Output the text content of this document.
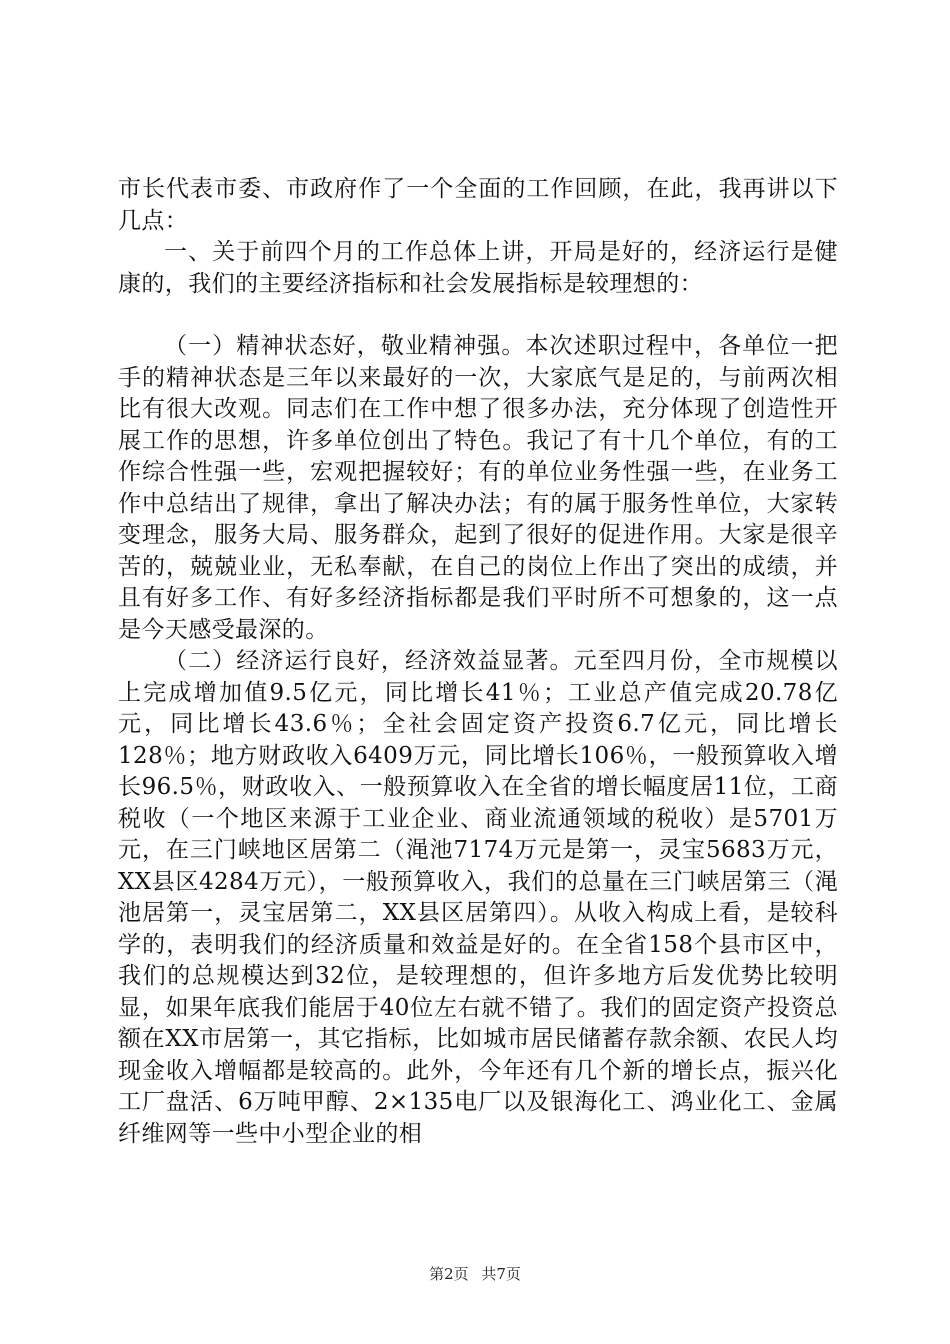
市长代表市委、市政府作了一个全面的工作回顾，在此，我再讲以下几点：

一、关于前四个月的工作总体上讲，开局是好的，经济运行是健康的，我们的主要经济指标和社会发展指标是较理想的：

（一）精神状态好，敬业精神强。本次述职过程中，各单位一把手的精神状态是三年以来最好的一次，大家底气是足的，与前两次相比有很大改观。同志们在工作中想了很多办法，充分体现了创造性开展工作的思想，许多单位创出了特色。我记了有十几个单位，有的工作综合性强一些，宏观把握较好；有的单位业务性强一些，在业务工作中总结出了规律，拿出了解决办法；有的属于服务性单位，大家转变理念，服务大局、服务群众，起到了很好的促进作用。大家是很辛苦的，兢兢业业，无私奉献，在自己的岗位上作出了突出的成绩，并且有好多工作、有好多经济指标都是我们平时所不可想象的，这一点是今天感受最深的。

（二）经济运行良好，经济效益显著。元至四月份，全市规模以上完成增加值9.5亿元，同比增长41％；工业总产值完成20.78亿元，同比增长43.6％；全社会固定资产投资6.7亿元，同比增长128％；地方财政收入6409万元，同比增长106％，一般预算收入增长96.5％，财政收入、一般预算收入在全省的增长幅度居11位，工商税收（一个地区来源于工业企业、商业流通领域的税收）是5701万元，在三门峡地区居第二（渑池7174万元是第一，灵宝5683万元，XX县区4284万元），一般预算收入，我们的总量在三门峡居第三（渑池居第一，灵宝居第二，XX县区居第四）。从收入构成上看，是较科学的，表明我们的经济质量和效益是好的。在全省158个县市区中，我们的总规模达到32位，是较理想的，但许多地方后发优势比较明显，如果年底我们能居于40位左右就不错了。我们的固定资产投资总额在XX市居第一，其它指标，比如城市居民储蓄存款余额、农民人均现金收入增幅都是较高的。此外，今年还有几个新的增长点，振兴化工厂盘活、6万吨甲醇、2×135电厂以及银海化工、鸿业化工、金属纤维网等一些中小型企业的相

第2页 共7页
